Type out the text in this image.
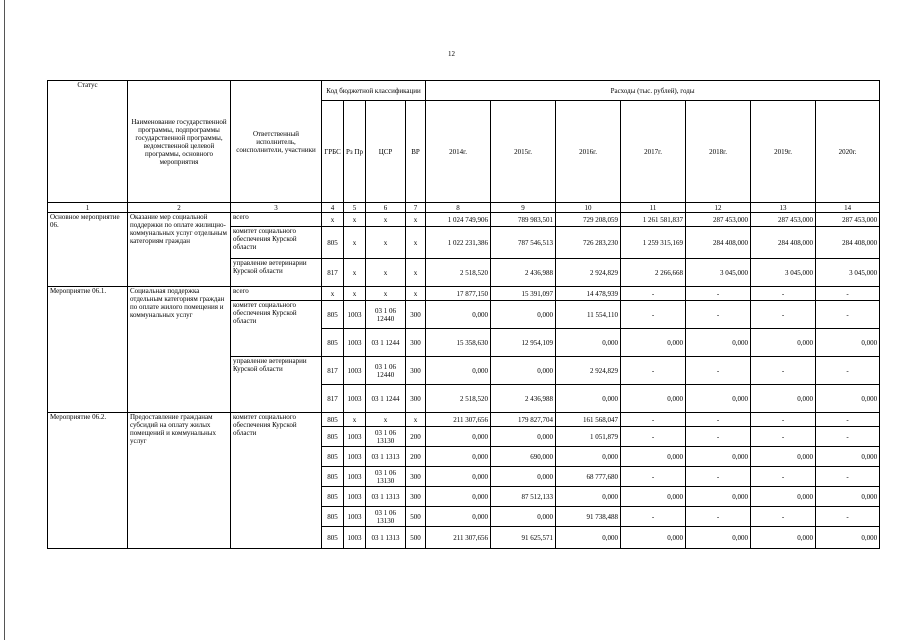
12
Статус	Наименование государственной программы, подпрограммы государственной программы, ведомственной целевой программы, основного мероприятия	Ответственный исполнитель, соисполнители, участники	Код бюджетной классификации				Расходы (тыс. рублей), годы						
			ГРБС	Рз Пр	ЦСР	ВР	2014г.	2015г.	2016г.	2017г.	2018г.	2019г.	2020г.
1	2	3	4	5	6	7	8	9	10	11	12	13	14
Основное мероприятие 06.	Оказание мер социальной поддержки по оплате жилищно-коммунальных услуг отдельным категориям граждан	всего	x	x	x	x	1 024 749,906	789 983,501	729 208,059	1 261 581,837	287 453,000	287 453,000	287 453,000
		комитет социального обеспечения Курской области	805	x	x	x	1 022 231,386	787 546,513	726 283,230	1 259 315,169	284 408,000	284 408,000	284 408,000
		управление ветеринарии Курской области	817	x	x	x	2 518,520	2 436,988	2 924,829	2 266,668	3 045,000	3 045,000	3 045,000
Мероприятие 06.1.	Социальная поддержка отдельным категориям граждан по оплате жилого помещения и коммунальных услуг	всего	x	x	x	x	17 877,150	15 391,097	14 478,939	-	-	-	-
		комитет социального обеспечения Курской области	805	1003	03 1 06 12440	300	0,000	0,000	11 554,110	-	-	-	-
			805	1003	03 1 1244	300	15 358,630	12 954,109	0,000	0,000	0,000	0,000	0,000
		управление ветеринарии Курской области	817	1003	03 1 06 12440	300	0,000	0,000	2 924,829	-	-	-	-
			817	1003	03 1 1244	300	2 518,520	2 436,988	0,000	0,000	0,000	0,000	0,000
Мероприятие 06.2.	Предоставление гражданам субсидий на оплату жилых помещений и коммунальных услуг	комитет социального обеспечения Курской области	805	x	x	x	211 307,656	179 827,704	161 568,047	-	-	-	-
			805	1003	03 1 06 13130	200	0,000	0,000	1 051,879	-	-	-	-
			805	1003	03 1 1313	200	0,000	690,000	0,000	0,000	0,000	0,000	0,000
			805	1003	03 1 06 13130	300	0,000	0,000	68 777,680	-	-	-	-
			805	1003	03 1 1313	300	0,000	87 512,133	0,000	0,000	0,000	0,000	0,000
			805	1003	03 1 06 13130	500	0,000	0,000	91 738,488	-	-	-	-
			805	1003	03 1 1313	500	211 307,656	91 625,571	0,000	0,000	0,000	0,000	0,000
